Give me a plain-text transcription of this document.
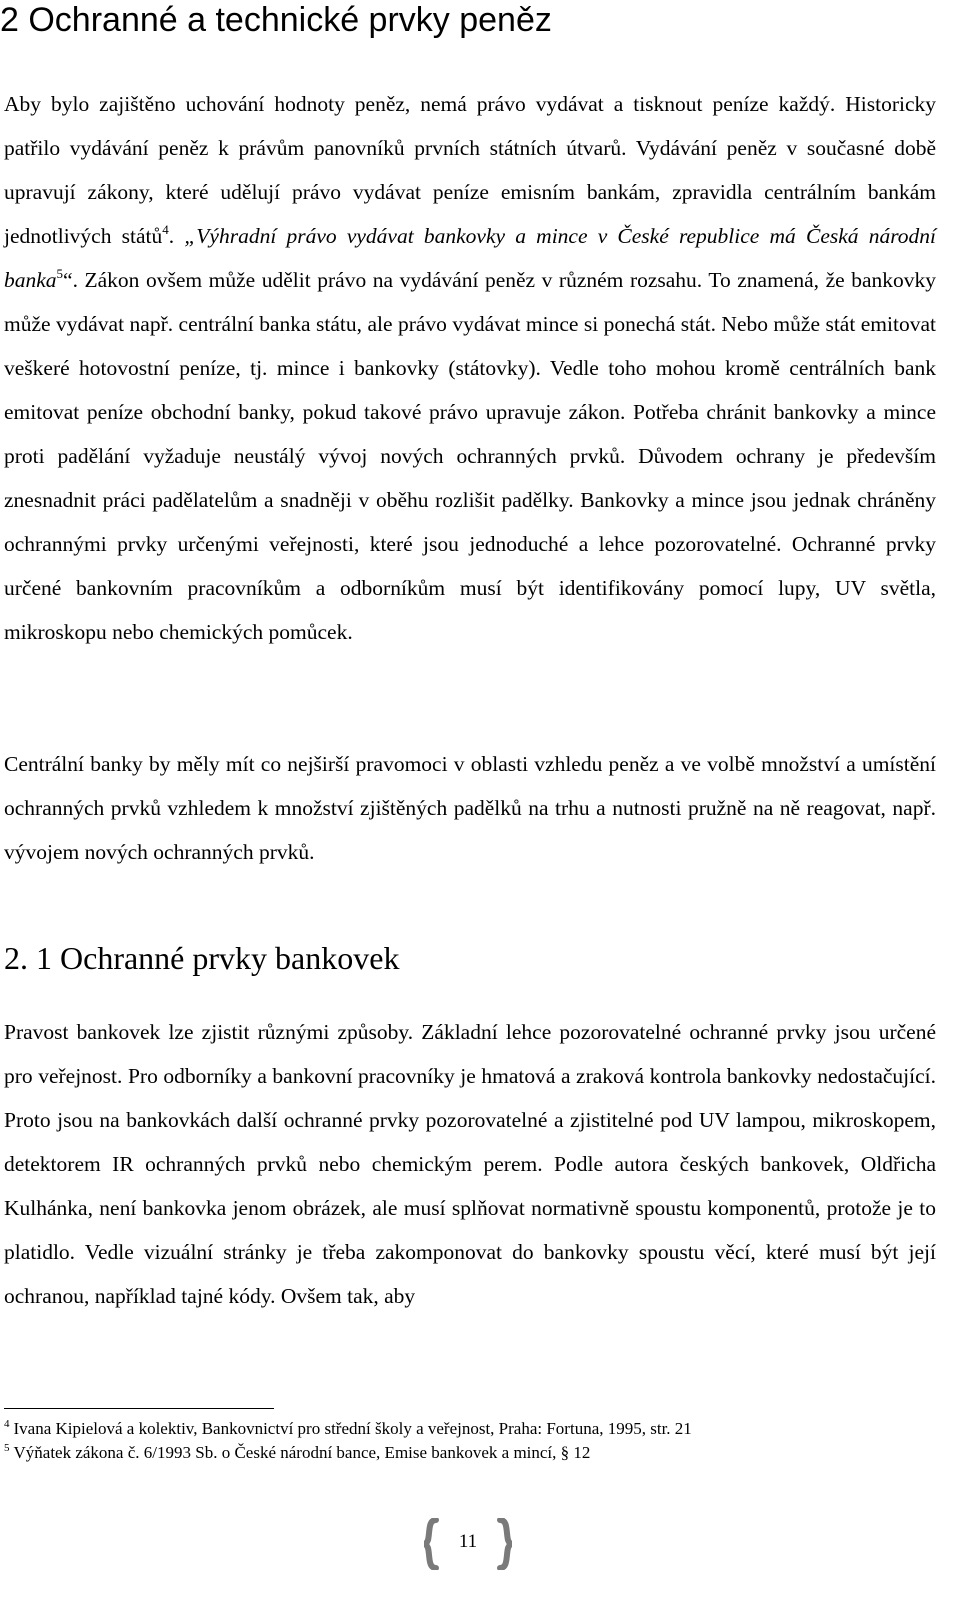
2 Ochranné a technické prvky peněz

Aby bylo zajištěno uchování hodnoty peněz, nemá právo vydávat a tisknout peníze každý. Historicky patřilo vydávání peněz k právům panovníků prvních státních útvarů. Vydávání peněz v současné době upravují zákony, které udělují právo vydávat peníze emisním bankám, zpravidla centrálním bankám jednotlivých států$^4$. „Výhradní právo vydávat bankovky a mince v České republice má Česká národní banka$^5$“. Zákon ovšem může udělit právo na vydávání peněz v různém rozsahu. To znamená, že bankovky může vydávat např. centrální banka státu, ale právo vydávat mince si ponechá stát. Nebo může stát emitovat veškeré hotovostní peníze, tj. mince i bankovky (státovky). Vedle toho mohou kromě centrálních bank emitovat peníze obchodní banky, pokud takové právo upravuje zákon. Potřeba chránit bankovky a mince proti padělání vyžaduje neustálý vývoj nových ochranných prvků. Důvodem ochrany je především znesnadnit práci padělatelům a snadněji v oběhu rozlišit padělky. Bankovky a mince jsou jednak chráněny ochrannými prvky určenými veřejnosti, které jsou jednoduché a lehce pozorovatelné. Ochranné prvky určené bankovním pracovníkům a odborníkům musí být identifikovány pomocí lupy, UV světla, mikroskopu nebo chemických pomůcek.

Centrální banky by měly mít co nejširší pravomoci v oblasti vzhledu peněz a ve volbě množství a umístění ochranných prvků vzhledem k množství zjištěných padělků na trhu a nutnosti pružně na ně reagovat, např. vývojem nových ochranných prvků.

2. 1 Ochranné prvky bankovek

Pravost bankovek lze zjistit různými způsoby. Základní lehce pozorovatelné ochranné prvky jsou určené pro veřejnost. Pro odborníky a bankovní pracovníky je hmatová a zraková kontrola bankovky nedostačující. Proto jsou na bankovkách další ochranné prvky pozorovatelné a zjistitelné pod UV lampou, mikroskopem, detektorem IR ochranných prvků nebo chemickým perem. Podle autora českých bankovek, Oldřicha Kulhánka, není bankovka jenom obrázek, ale musí splňovat normativně spoustu komponentů, protože je to platidlo. Vedle vizuální stránky je třeba zakomponovat do bankovky spoustu věcí, které musí být její ochranou, například tajné kódy. Ovšem tak, aby

$^4$ Ivana Kipielová a kolektiv, Bankovnictví pro střední školy a veřejnost, Praha: Fortuna, 1995, str. 21
$^5$ Výňatek zákona č. 6/1993 Sb. o České národní bance, Emise bankovek a mincí, § 12
11
